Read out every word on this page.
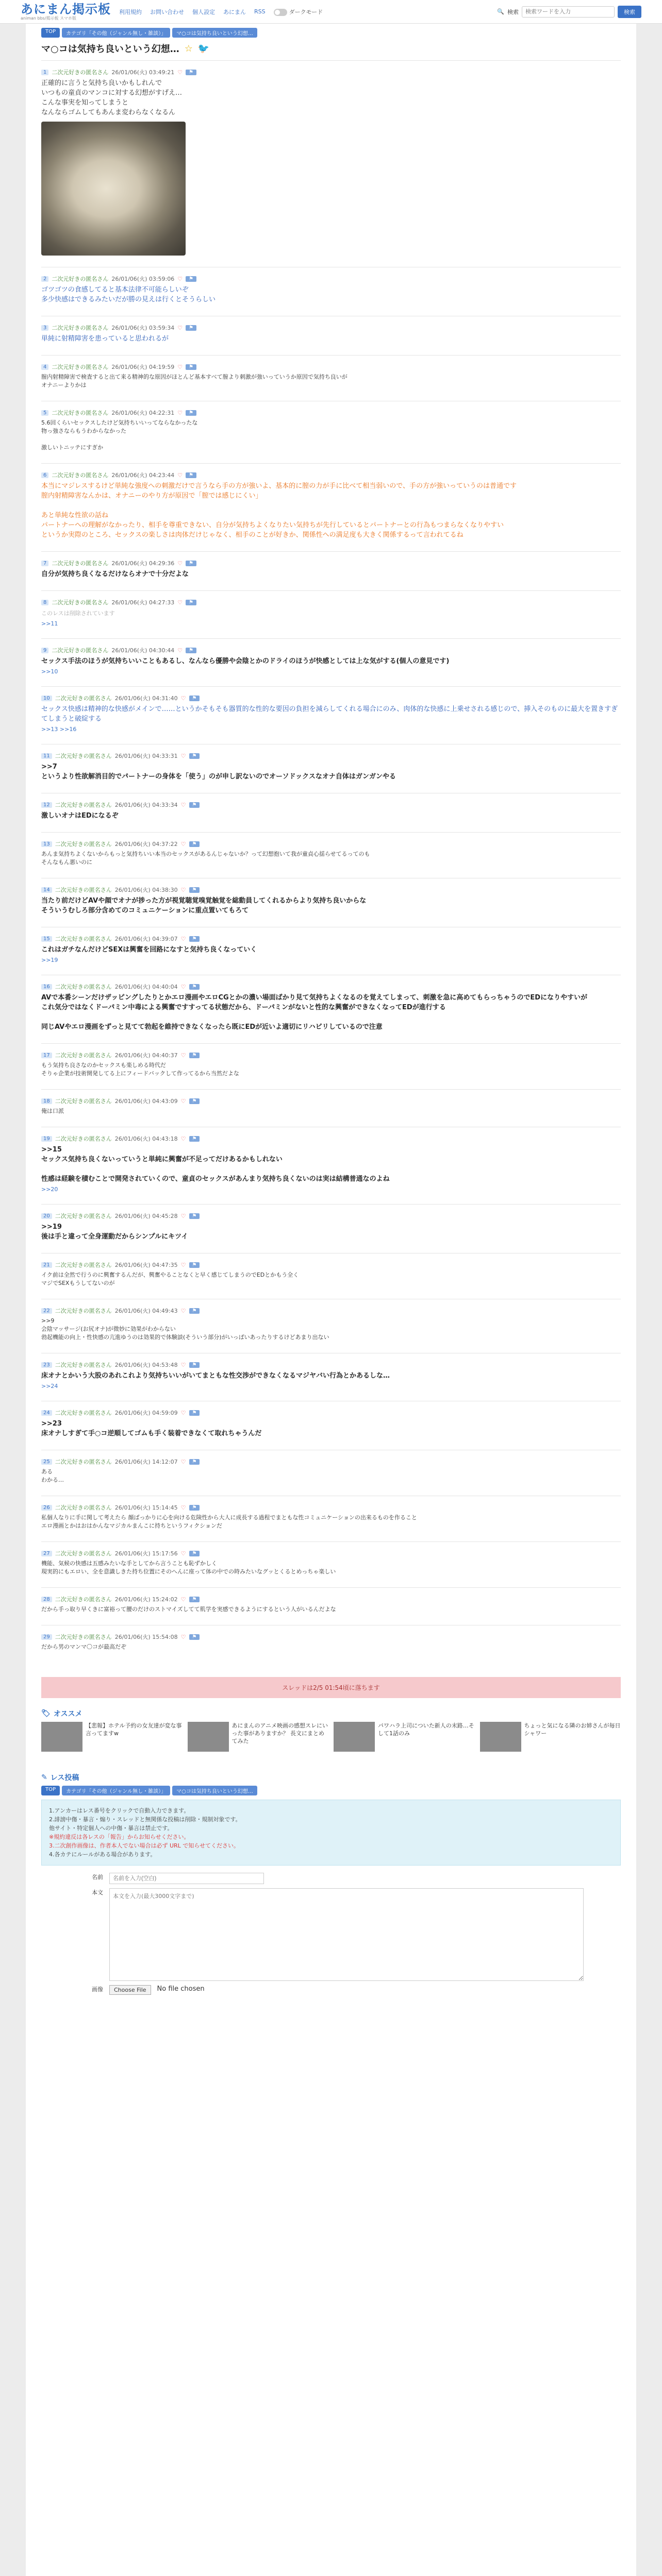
あにまん掲示板
animan bbs/掲示板 スマホ版
利用規約 お問い合わせ 個人設定 あにまん RSS	ダークモード	🔍 検索
検索ワードを入力	検索
TOP	カテゴリ「その他（ジャンル無し・雑談）」	マ○コは気持ち良いという幻想…
マ○コは気持ち良いという幻想… ☆ 🐦
1 二次元好きの匿名さん 26/01/06(火) 03:49:21 ♡	⚑
正確的に言うと気持ち良いかもしれんで
いつもの童貞のマンコに対する幻想がすげえ…
こんな事実を知ってしまうと
なんならゴムしてもあんま変わらなくなるん
2 二次元好きの匿名さん 26/01/06(火) 03:59:06 ♡	⚑
ゴツゴツの食感してると基本法律不可能らしいぞ
多少快感はできるみたいだが勝の見えは行くとそうらしい
3 二次元好きの匿名さん 26/01/06(火) 03:59:34 ♡	⚑
単純に射精障害を患っていると思われるが
4 二次元好きの匿名さん 26/01/06(火) 04:19:59 ♡	⚑
膣内射精障害で検査すると出て来る精神的な原因がほとんど基本すべて膣より刺激が強いっていうか原因で気持ち良いが
オナニーよりかは
5 二次元好きの匿名さん 26/01/06(火) 04:22:31 ♡	⚑
5.6回くらいセックスしたけど気持ちいいってならなかったな
物っ強さならもうわからなかった

激しいトニッテにすぎか
6 二次元好きの匿名さん 26/01/06(火) 04:23:44 ♡	⚑
本当にマジレスするけど単純な強度への刺激だけで言うなら手の方が強いよ、基本的に膣の力が手に比べて相当弱いので、手の方が強いっていうのは普通です
膣内射精障害なんかは、オナニーのやり方が原因で「膣では感じにくい」

あと単純な性欲の話ね
パートナーへの理解がなかったり、相手を尊重できない、自分が気持ちよくなりたい気持ちが先行しているとパートナーとの行為もつまらなくなりやすい
というか実際のところ、セックスの楽しさは肉体だけじゃなく、相手のことが好きか、関係性への満足度も大きく関係するって言われてるね
7 二次元好きの匿名さん 26/01/06(火) 04:29:36 ♡	⚑
自分が気持ち良くなるだけならオナで十分だよな
8 二次元好きの匿名さん 26/01/06(火) 04:27:33 ♡	⚑
このレスは削除されています
>>11
9 二次元好きの匿名さん 26/01/06(火) 04:30:44 ♡	⚑
セックス手法のほうが気持ちいいこともあるし、なんなら優勝や会陰とかのドライのほうが快感としては上な気がする(個人の意見です)
>>10
10 二次元好きの匿名さん 26/01/06(火) 04:31:40 ♡	⚑
セックス快感は精神的な快感がメインで……というかそもそも器質的な性的な要因の負担を減らしてくれる場合にのみ、肉体的な快感に上乗せされる感じので、挿入そのものに最大を置きすぎてしまうと破綻する
>>13 >>16
11 二次元好きの匿名さん 26/01/06(火) 04:33:31 ♡	⚑
>>7
というより性欲解消目的でパートナーの身体を「使う」のが申し訳ないのでオーソドックスなオナ自体はガンガンやる
12 二次元好きの匿名さん 26/01/06(火) 04:33:34 ♡	⚑
激しいオナはEDになるぞ
13 二次元好きの匿名さん 26/01/06(火) 04:37:22 ♡	⚑
あんま気持ちよくないからもっと気持ちいい本当のセックスがあるんじゃないか？って幻想抱いて我が童貞心揺らせてるってのも
そんなもん悪いのに
14 二次元好きの匿名さん 26/01/06(火) 04:38:30 ♡	⚑
当たり前だけどAVや顔でオナが捗った方が視覚聴覚嗅覚触覚を総動員してくれるからより気持ち良いからな
そういうむしろ部分含めてのコミュニケーションに重点置いてもろて
15 二次元好きの匿名さん 26/01/06(火) 04:39:07 ♡	⚑
これはガチなんだけどSEXは興奮を回路になすと気持ち良くなっていく
>>19
16 二次元好きの匿名さん 26/01/06(火) 04:40:04 ♡	⚑
AVで本番シーンだけザッピングしたりとかエロ漫画やエロCGとかの濃い場面ばかり見て気持ちよくなるのを覚えてしまって、刺激を急に高めてもらっちゃうのでEDになりやすいが
これ気分ではなくドーパミン中毒による興奮ですすってる状態だから、ドーパミンがないと性的な興奮ができなくなってEDが進行する

同じAVやエロ漫画をずっと見てて勃起を維持できなくなったら既にEDが近いよ適切にリハビリしているので注意
17 二次元好きの匿名さん 26/01/06(火) 04:40:37 ♡	⚑
もう気持ち良さなのかセックスも楽しめる時代だ
そりゃ企業が技術開発してる上にフィードバックして作ってるから当然だよな
18 二次元好きの匿名さん 26/01/06(火) 04:43:09 ♡	⚑
俺は口派
19 二次元好きの匿名さん 26/01/06(火) 04:43:18 ♡	⚑
>>15
セックス気持ち良くないっていうと単純に興奮が不足ってだけあるかもしれない

性感は経験を積むことで開発されていくので、童貞のセックスがあんまり気持ち良くないのは実は結構普通なのよね
>>20
20 二次元好きの匿名さん 26/01/06(火) 04:45:28 ♡	⚑
>>19
後は手と違って全身運動だからシンプルにキツイ
21 二次元好きの匿名さん 26/01/06(火) 04:47:35 ♡	⚑
イク前は全然で行うのに興奮するんだが、興奮やることなくと早く感じてしまうのでEDとかもう全く
マジでSEXもうしてないのが
22 二次元好きの匿名さん 26/01/06(火) 04:49:43 ♡	⚑
>>9
会陰マッサージ(お尻オナ)が微妙に効果がわからない
勃起機能の向上・性快感の亢進ゆうのは効果的で体験談(そういう部分)がいっぱいあったりするけどあまり出ない
23 二次元好きの匿名さん 26/01/06(火) 04:53:48 ♡	⚑
床オナとかいう大股のあれこれより気持ちいいがいてまともな性交渉ができなくなるマジヤバい行為とかあるしな…
>>24
24 二次元好きの匿名さん 26/01/06(火) 04:59:09 ♡	⚑
>>23
床オナしすぎて手○コ逆順してゴムも手く装着できなくて取れちゃうんだ
25 二次元好きの匿名さん 26/01/06(火) 14:12:07 ♡	⚑
ある
わかる…
26 二次元好きの匿名さん 26/01/06(火) 15:14:45 ♡	⚑
私個人なりに手に関して考えたら 顔ばっかりに心を向ける危険性から大人に成長する過程でまともな性コミュニケーションの出来るものを作ること
エロ漫画とかはおはかんなマジカルまんこに持ちというフィクションだ
27 二次元好きの匿名さん 26/01/06(火) 15:17:56 ♡	⚑
機能、気候の快感は五感みたいな手としてから言うことも恥ずかしく
現実的にもエロい、全を意識しきた持ち位置にそのへんに座って体の中での時みたいなグッとくるとめっちゃ楽しい
28 二次元好きの匿名さん 26/01/06(火) 15:24:02 ♡	⚑
だから手っ取り早くきに富裕って腰のだけのストマイズしてて肌学を実感できるようにするという人がいるんだよな
29 二次元好きの匿名さん 26/01/06(火) 15:54:08 ♡	⚑
だから男のマンマ〇コが最高だぞ
スレッドは2/5 01:54頃に落ちます
🏷 オススメ
【悲報】ホテル予約の女友達が変な事言ってますw
あにまんのアニメ映画の感想スレにいった事がありますか？ 長文にまとめてみた
パワハラ上司についた新人の末路…そして1話のみ
ちょっと気になる隣のお姉さんが毎日シャワー
✎ レス投稿
TOP	カテゴリ「その他（ジャンル無し・雑談）」	マ○コは気持ち良いという幻想…
1.アンカーはレス番号をクリックで自動入力できます。
2.誹謗中傷・暴言・煽り・スレッドと無関係な投稿は削除・規制対象です。
他サイト・特定個人への中傷・暴言は禁止です。
※規約違反は各レスの「報告」からお知らせください。
3.二次創作画像は、作者本人でない場合は必ず URL で知らせてください。
4.各カテにルールがある場合があります。
名前
名前を入力(空白)
本文
本文を入力(最大3000文字まで)
画像	Choose File	No file chosen
